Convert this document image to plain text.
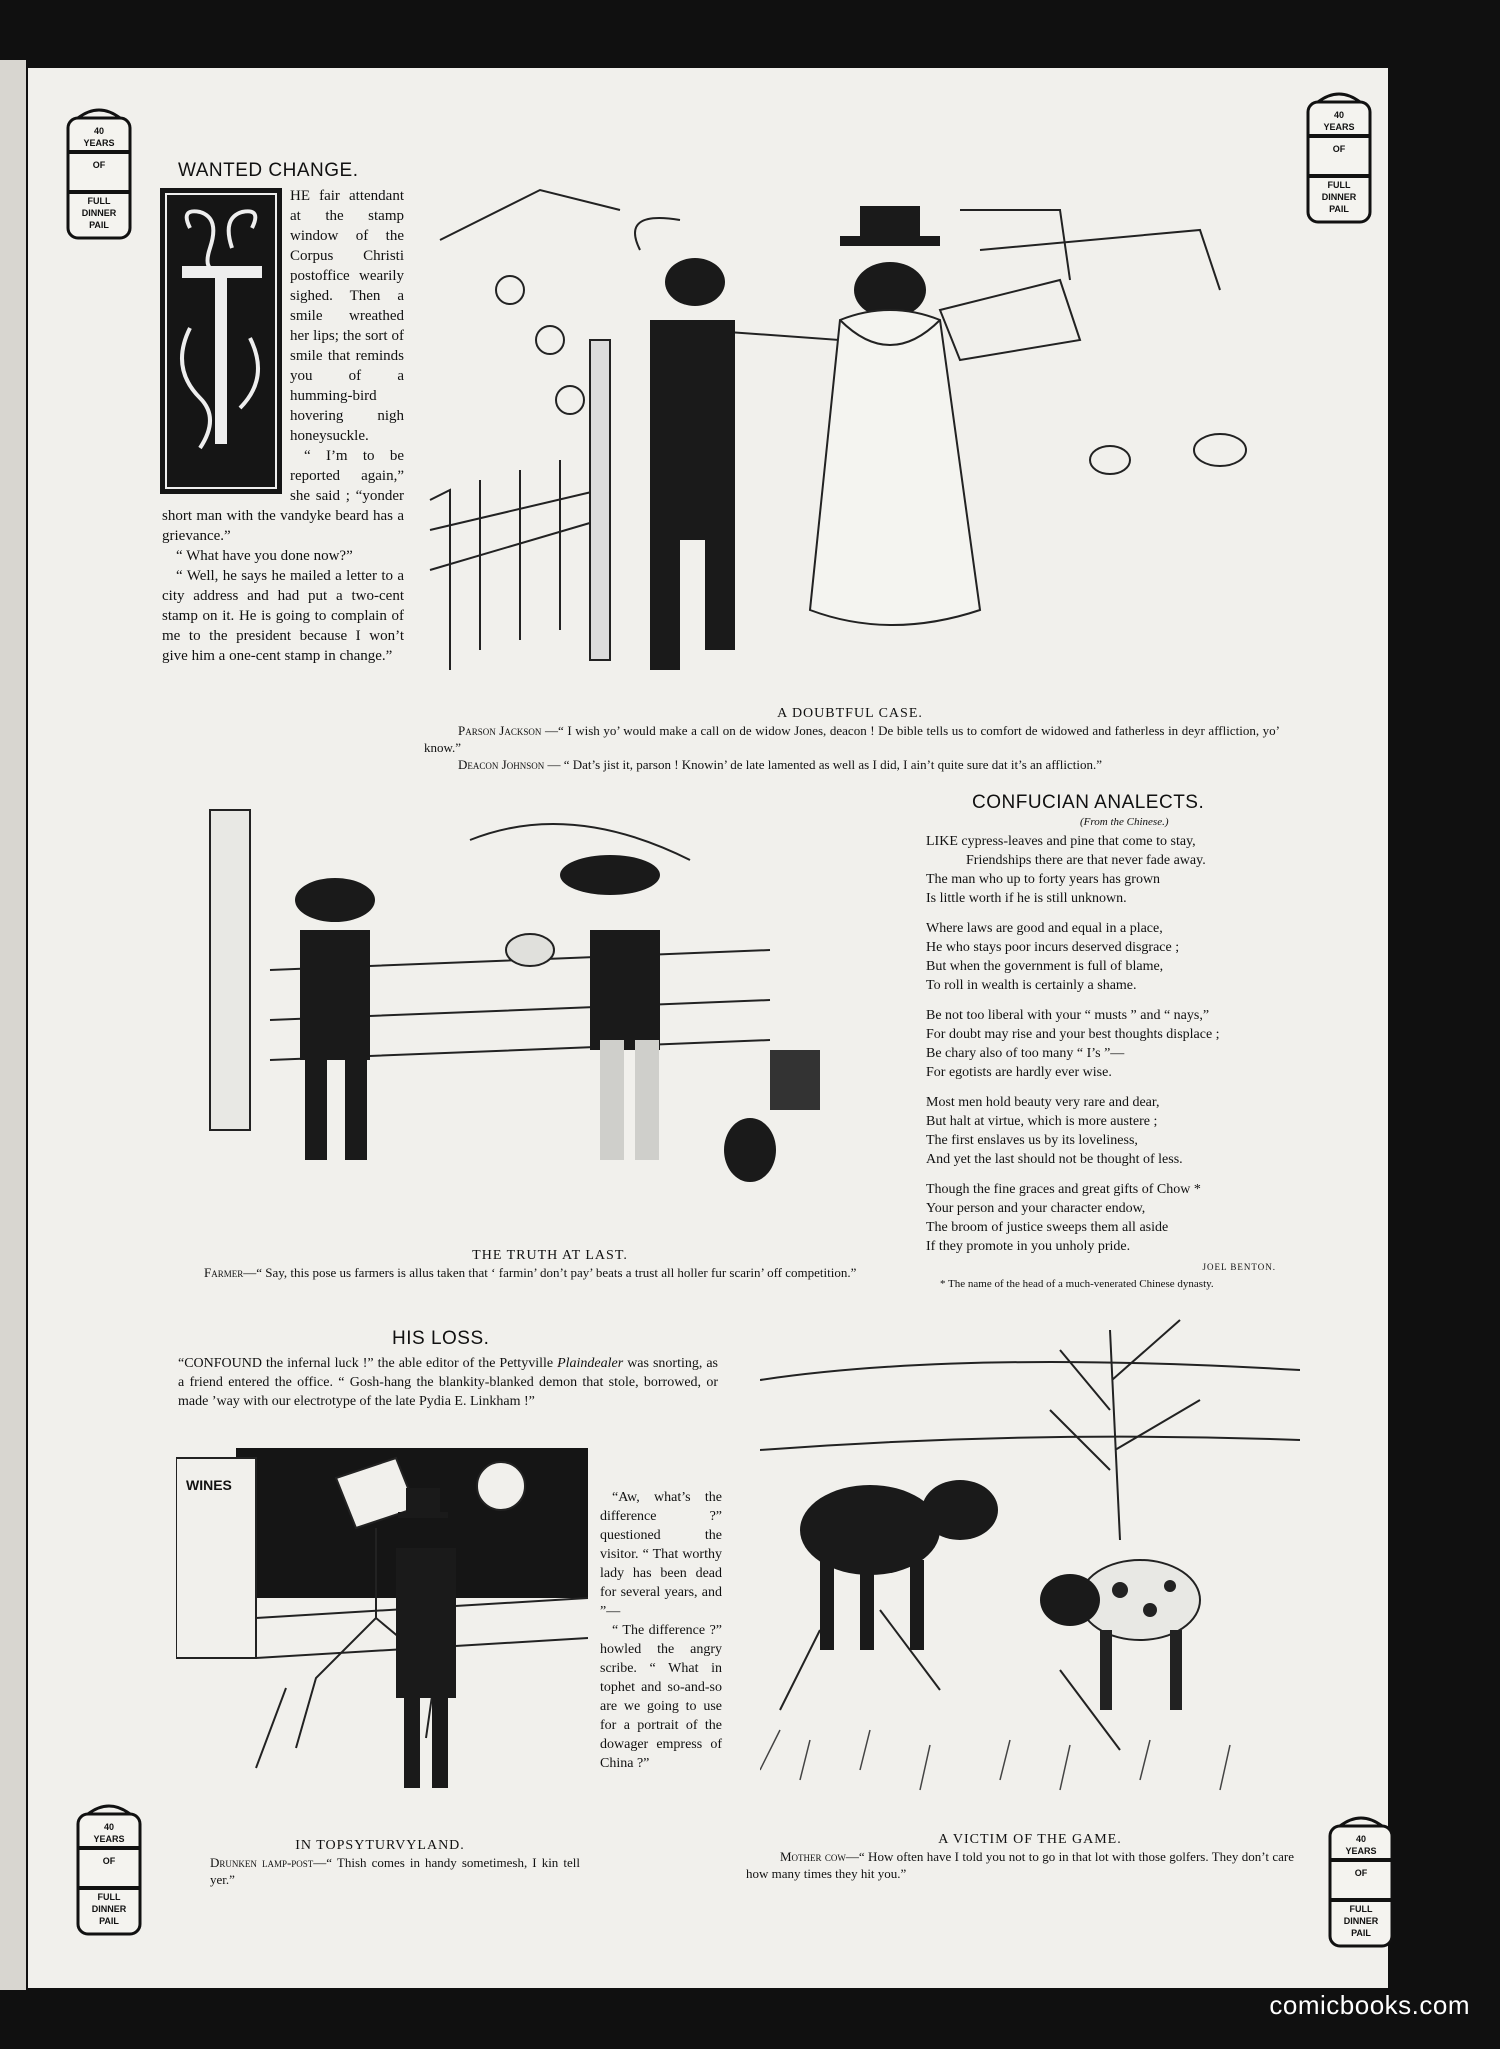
40
YEARS
OF
FULL
DINNER
PAIL
40
YEARS
OF
FULL
DINNER
PAIL
40
YEARS
OF
FULL
DINNER
PAIL
40
YEARS
OF
FULL
DINNER
PAIL
WANTED CHANGE.

HE fair attendant at the stamp window of the Corpus Christi postoffice wearily sighed. Then a smile wreathed her lips; the sort of smile that reminds you of a humming-bird hovering nigh honeysuckle.

“ I’m to be reported again,” she said ; “yonder short man with the vandyke beard has a grievance.”

“ What have you done now?”

“ Well, he says he mailed a letter to a city address and had put a two-cent stamp on it. He is going to complain of me to the president because I won’t give him a one-cent stamp in change.”

A DOUBTFUL CASE.

Parson Jackson —“ I wish yo’ would make a call on de widow Jones, deacon ! De bible tells us to comfort de widowed and fatherless in deyr affliction, yo’ know.”

Deacon Johnson — “ Dat’s jist it, parson ! Knowin’ de late lamented as well as I did, I ain’t quite sure dat it’s an affliction.”

THE TRUTH AT LAST.

Farmer—“ Say, this pose us farmers is allus taken that ‘ farmin’ don’t pay’ beats a trust all holler fur scarin’ off competition.”

CONFUCIAN ANALECTS.
(From the Chinese.)

LIKE cypress-leaves and pine that come to stay,
Friendships there are that never fade away.
The man who up to forty years has grown
Is little worth if he is still unknown.

Where laws are good and equal in a place,
He who stays poor incurs deserved disgrace ;
But when the government is full of blame,
To roll in wealth is certainly a shame.

Be not too liberal with your “ musts ” and “ nays,”
For doubt may rise and your best thoughts displace ;
Be chary also of too many “ I’s ”—
For egotists are hardly ever wise.

Most men hold beauty very rare and dear,
But halt at virtue, which is more austere ;
The first enslaves us by its loveliness,
And yet the last should not be thought of less.

Though the fine graces and great gifts of Chow *
Your person and your character endow,
The broom of justice sweeps them all aside
If they promote in you unholy pride.

JOEL BENTON.
* The name of the head of a much-venerated Chinese dynasty.
HIS LOSS.
“CONFOUND the infernal luck !” the able editor of the Pettyville Plaindealer was snorting, as a friend entered the office. “ Gosh-hang the blankity-blanked demon that stole, borrowed, or made ’way with our electrotype of the late Pydia E. Linkham !”

“Aw, what’s the difference ?” questioned the visitor. “ That worthy lady has been dead for several years, and ”—

“ The difference ?” howled the angry scribe. “ What in tophet and so-and-so are we going to use for a portrait of the dowager empress of China ?”

WINES
IN TOPSYTURVYLAND.

Drunken lamp-post—“ Thish comes in handy sometimesh, I kin tell yer.”

A VICTIM OF THE GAME.

Mother cow—“ How often have I told you not to go in that lot with those golfers. They don’t care how many times they hit you.”

comicbooks.com
